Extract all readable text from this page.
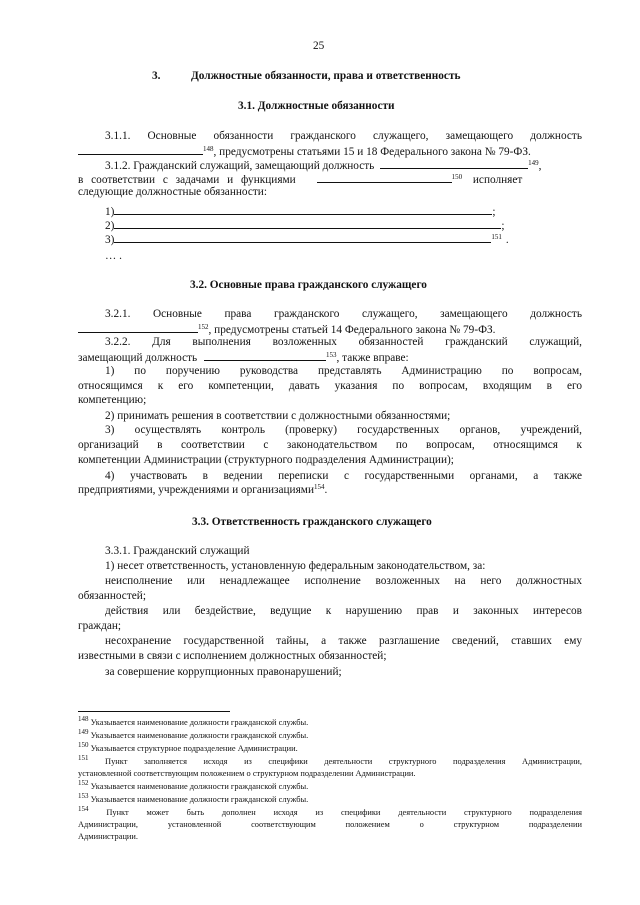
25
3.	Должностные обязанности, права и ответственность
3.1. Должностные обязанности
3.1.1. Основные обязанности гражданского служащего, замещающего должность
$^{148}$, предусмотрены статьями 15 и 18 Федерального закона № 79-ФЗ.
3.1.2. Гражданский служащий, замещающий должность	$^{149}$,
в соответствии с задачами и функциями	$^{150}$ исполняет
следующие должностные обязанности:
1)	;
2)	;
3)	$^{151}$ .
… .
3.2. Основные права гражданского служащего
3.2.1. Основные права гражданского служащего, замещающего должность
$^{152}$, предусмотрены статьей 14 Федерального закона № 79-ФЗ.
3.2.2. Для выполнения возложенных обязанностей гражданский служащий,
замещающий должность	$^{153}$, также вправе:
1) по поручению руководства представлять Администрацию по вопросам,
относящимся к его компетенции, давать указания по вопросам, входящим в его
компетенцию;
2) принимать решения в соответствии с должностными обязанностями;
3) осуществлять контроль (проверку) государственных органов, учреждений,
организаций в соответствии с законодательством по вопросам, относящимся к
компетенции Администрации (структурного подразделения Администрации);
4) участвовать в ведении переписки с государственными органами, а также
предприятиями, учреждениями и организациями$^{154}$.
3.3. Ответственность гражданского служащего
3.3.1. Гражданский служащий
1) несет ответственность, установленную федеральным законодательством, за:
неисполнение или ненадлежащее исполнение возложенных на него должностных
обязанностей;
действия или бездействие, ведущие к нарушению прав и законных интересов
граждан;
несохранение государственной тайны, а также разглашение сведений, ставших ему
известными в связи с исполнением должностных обязанностей;
за совершение коррупционных правонарушений;
$^{148}$ Указывается наименование должности гражданской службы.
$^{149}$ Указывается наименование должности гражданской службы.
$^{150}$ Указывается структурное подразделение Администрации.
$^{151}$ Пункт заполняется исходя из специфики деятельности структурного подразделения Администрации,
установленной соответствующим положением о структурном подразделении Администрации.
$^{152}$ Указывается наименование должности гражданской службы.
$^{153}$ Указывается наименование должности гражданской службы.
$^{154}$ Пункт может быть дополнен исходя из специфики деятельности структурного подразделения
Администрации, установленной соответствующим положением о структурном подразделении
Администрации.
